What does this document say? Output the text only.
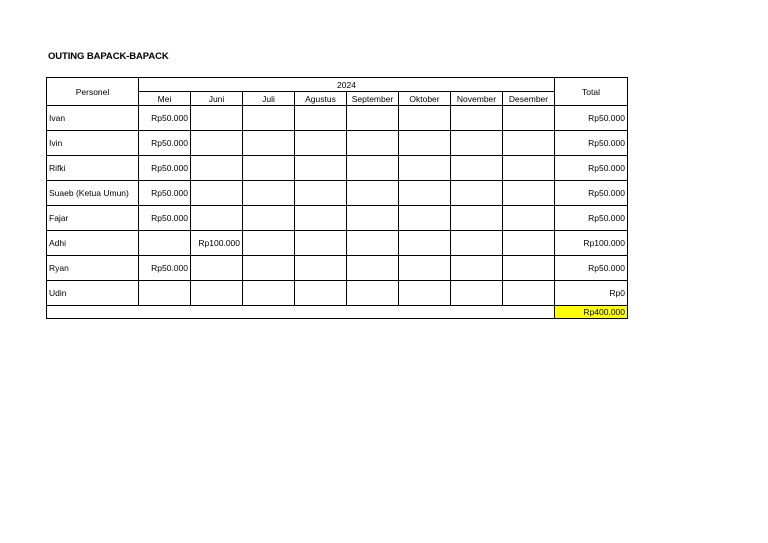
OUTING BAPACK-BAPACK
Personel	2024								Total
	Mei	Juni	Juli	Agustus	September	Oktober	November	Desember	
Ivan	Rp50.000								Rp50.000
Ivin	Rp50.000								Rp50.000
Rifki	Rp50.000								Rp50.000
Suaeb (Ketua Umun)	Rp50.000								Rp50.000
Fajar	Rp50.000								Rp50.000
Adhi		Rp100.000							Rp100.000
Ryan	Rp50.000								Rp50.000
Udin									Rp0
									Rp400.000
